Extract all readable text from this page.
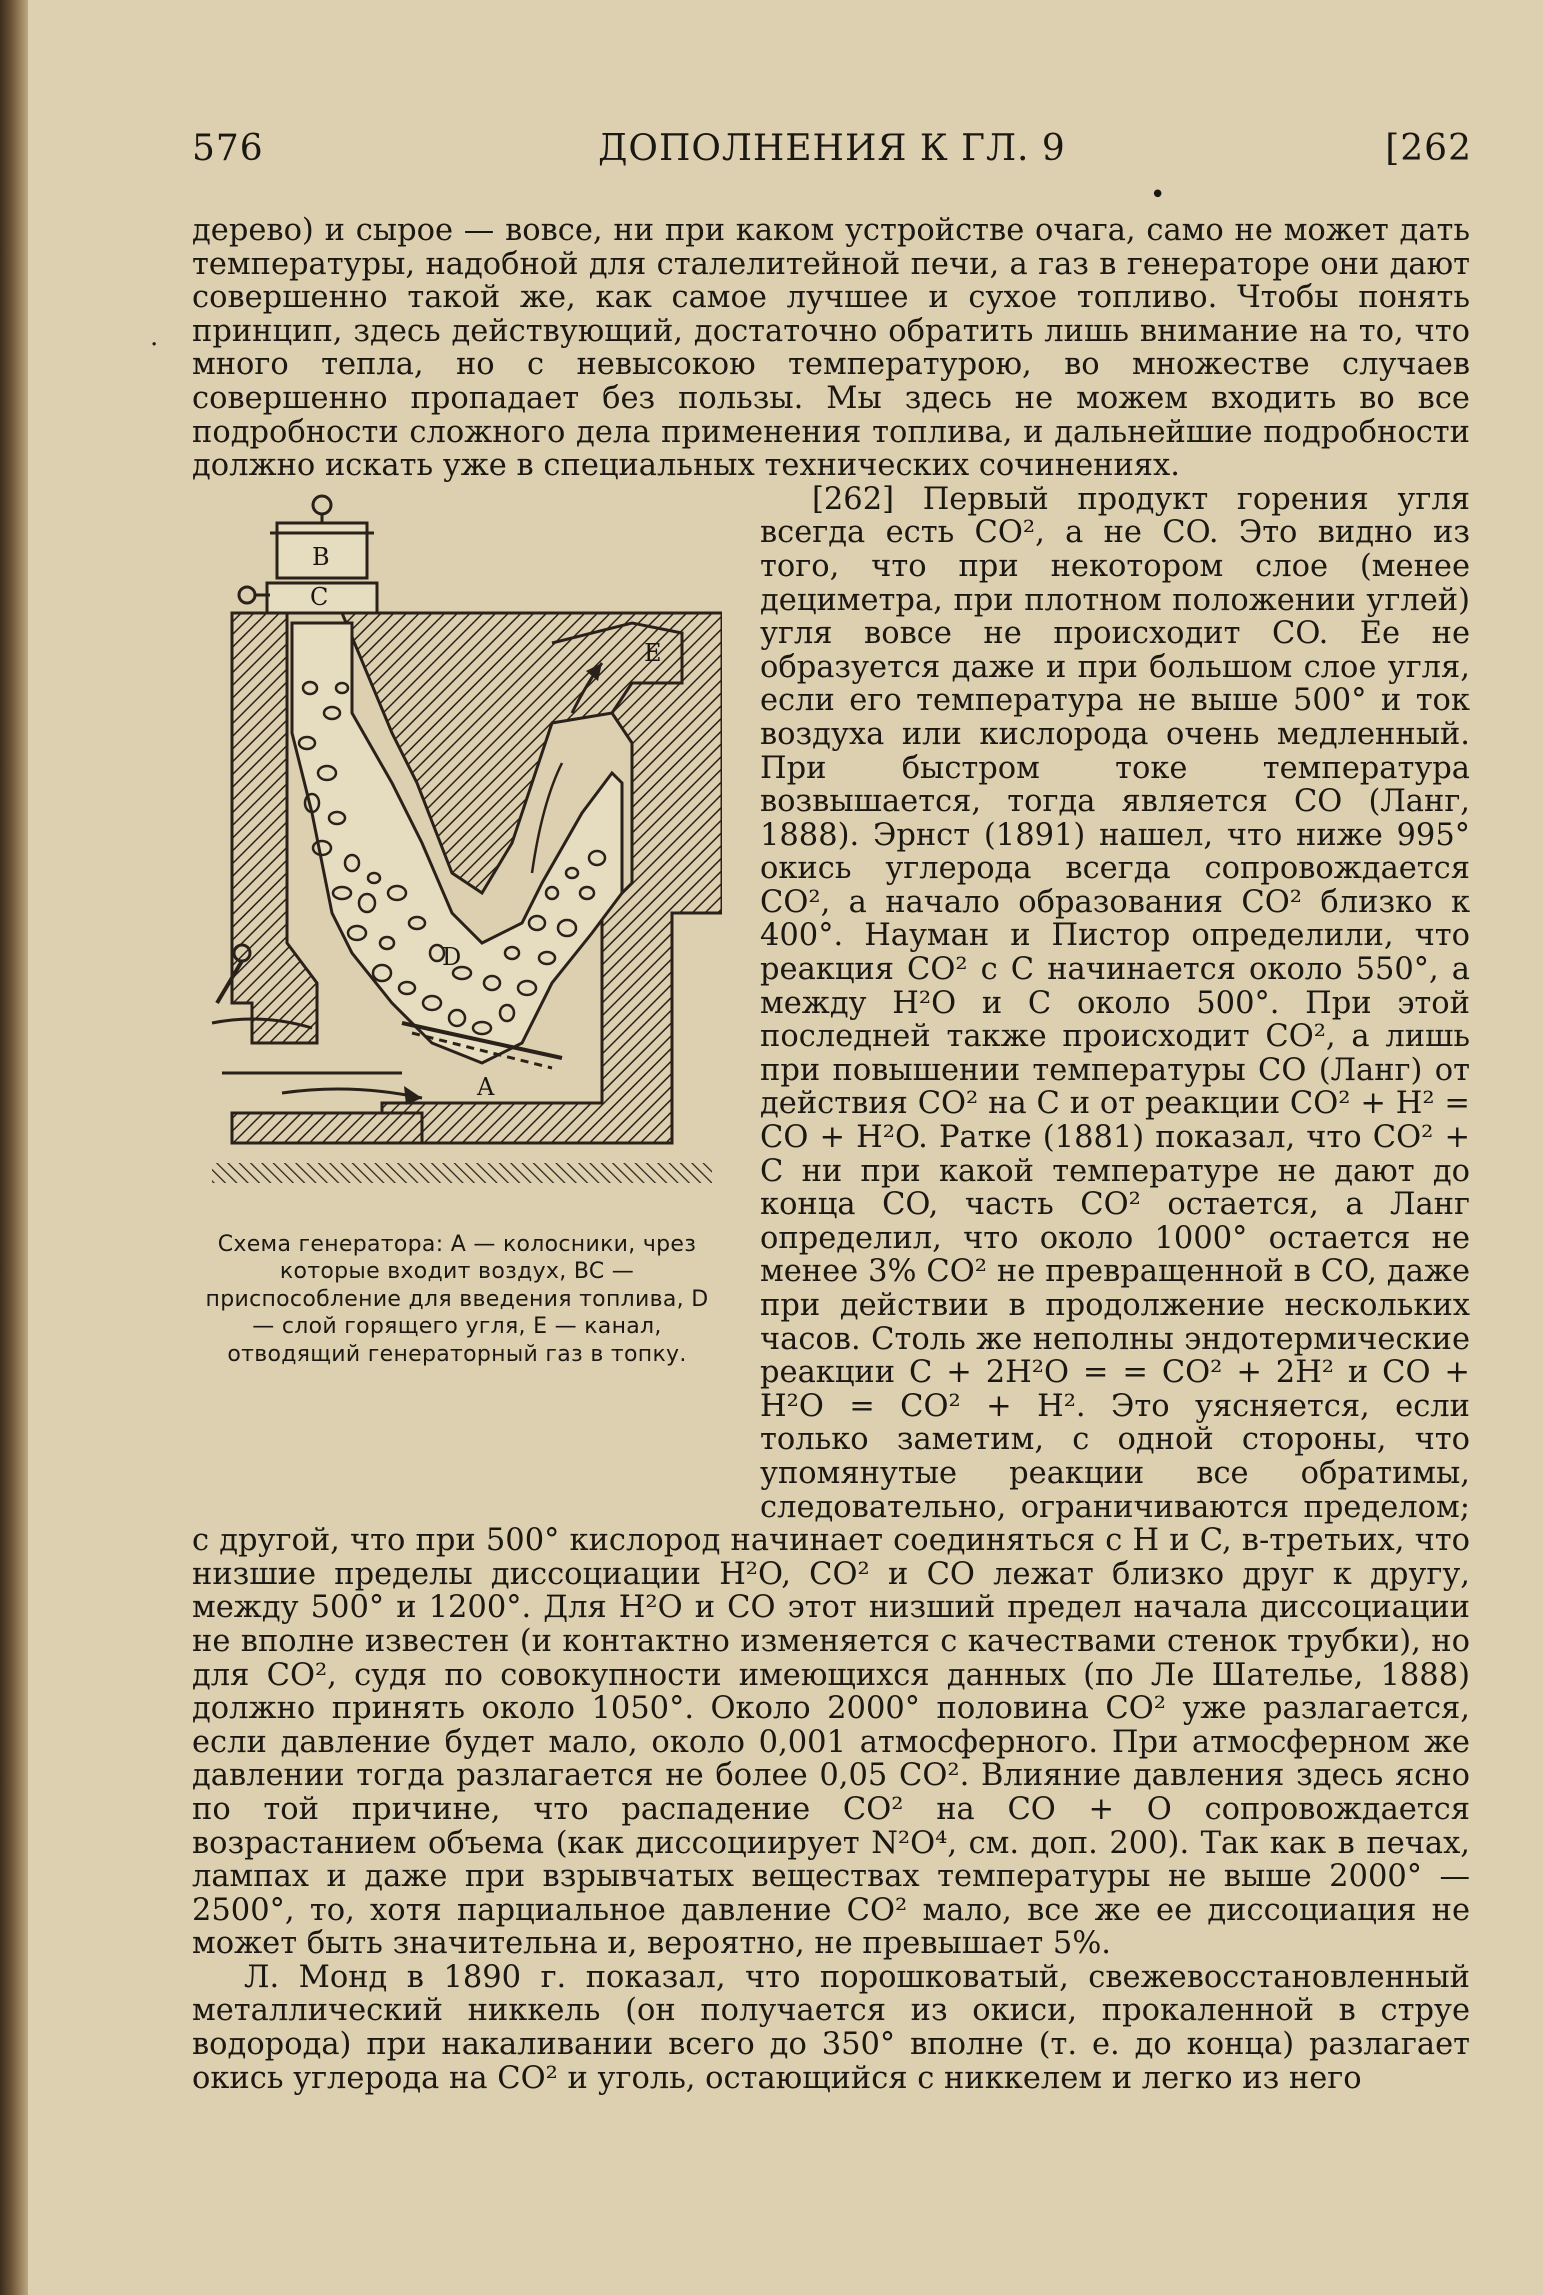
•
.
576	ДОПОЛНЕНИЯ К ГЛ. 9	[262

дерево) и сырое — вовсе, ни при каком устройстве очага, само не может дать температуры, надобной для сталелитейной печи, а газ в генераторе они дают совершенно такой же, как самое лучшее и сухое топливо. Чтобы понять принцип, здесь действующий, достаточно обратить лишь внимание на то, что много тепла, но с невысокою температурою, во множестве случаев совершенно пропадает без пользы. Мы здесь не можем входить во все подробности сложного дела применения топлива, и дальнейшие подробности должно искать уже в специальных технических сочинениях.

B
C
E
D
A
Схема генератора: A — колосники, чрез которые входит воздух, BC — приспособление для введения топлива, D — слой горящего угля, E — канал, отводящий генераторный газ в топку.

[262] Первый продукт горения угля всегда есть CO², а не CO. Это видно из того, что при некотором слое (менее дециметра, при плотном положении углей) угля вовсе не происходит CO. Ее не образуется даже и при большом слое угля, если его температура не выше 500° и ток воздуха или кислорода очень медленный. При быстром токе температура возвышается, тогда является CO (Ланг, 1888). Эрнст (1891) нашел, что ниже 995° окись углерода всегда сопровождается CO², а начало образования CO² близко к 400°. Науман и Пистор определили, что реакция CO² с C начинается около 550°, а между H²O и C около 500°. При этой последней также происходит CO², а лишь при повышении температуры CO (Ланг) от действия CO² на C и от реакции CO² + H² = CO + H²O. Ратке (1881) показал, что CO² + C ни при какой температуре не дают до конца CO, часть CO² остается, а Ланг определил, что около 1000° остается не менее 3% CO² не превращенной в CO, даже при действии в продолжение нескольких часов. Столь же неполны эндотермические реакции C + 2H²O = = CO² + 2H² и CO + H²O = CO² + H². Это уясняется, если только заметим, с одной стороны, что упомянутые реакции все обратимы, следовательно, ограничиваются пределом; с другой, что при 500° кислород начинает соединяться с H и C, в-третьих, что низшие пределы диссоциации H²O, CO² и CO лежат близко друг к другу, между 500° и 1200°. Для H²O и CO этот низший предел начала диссоциации не вполне известен (и контактно изменяется с качествами стенок трубки), но для CO², судя по совокупности имеющихся данных (по Ле Шателье, 1888) должно принять около 1050°. Около 2000° половина CO² уже разлагается, если давление будет мало, около 0,001 атмосферного. При атмосферном же давлении тогда разлагается не более 0,05 CO². Влияние давления здесь ясно по той причине, что распадение CO² на CO + O сопровождается возрастанием объема (как диссоциирует N²O⁴, см. доп. 200). Так как в печах, лампах и даже при взрывчатых веществах температуры не выше 2000° — 2500°, то, хотя парциальное давление CO² мало, все же ее диссоциация не может быть значительна и, вероятно, не превышает 5%.

Л. Монд в 1890 г. показал, что порошковатый, свежевосстановленный металлический никкель (он получается из окиси, прокаленной в струе водорода) при накаливании всего до 350° вполне (т. е. до конца) разлагает окись углерода на CO² и уголь, остающийся с никкелем и легко из него
